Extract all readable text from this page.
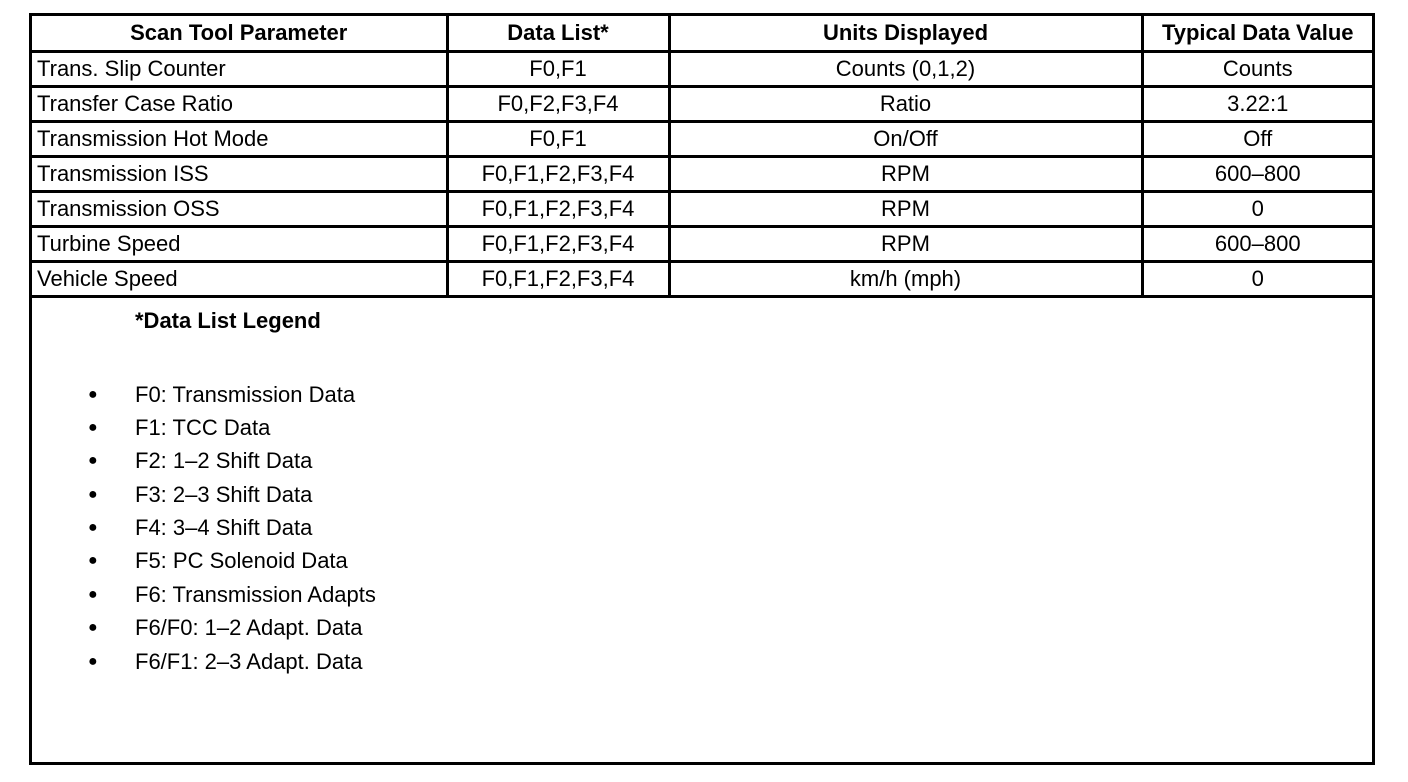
Scan Tool Parameter	Data List*	Units Displayed	Typical Data Value
Trans. Slip Counter	F0,F1	Counts (0,1,2)	Counts
Transfer Case Ratio	F0,F2,F3,F4	Ratio	3.22:1
Transmission Hot Mode	F0,F1	On/Off	Off
Transmission ISS	F0,F1,F2,F3,F4	RPM	600–800
Transmission OSS	F0,F1,F2,F3,F4	RPM	0
Turbine Speed	F0,F1,F2,F3,F4	RPM	600–800
Vehicle Speed	F0,F1,F2,F3,F4	km/h (mph)	0

*Data List Legend

● F0: Transmission Data
● F1: TCC Data
● F2: 1–2 Shift Data
● F3: 2–3 Shift Data
● F4: 3–4 Shift Data
● F5: PC Solenoid Data
● F6: Transmission Adapts
● F6/F0: 1–2 Adapt. Data
● F6/F1: 2–3 Adapt. Data
